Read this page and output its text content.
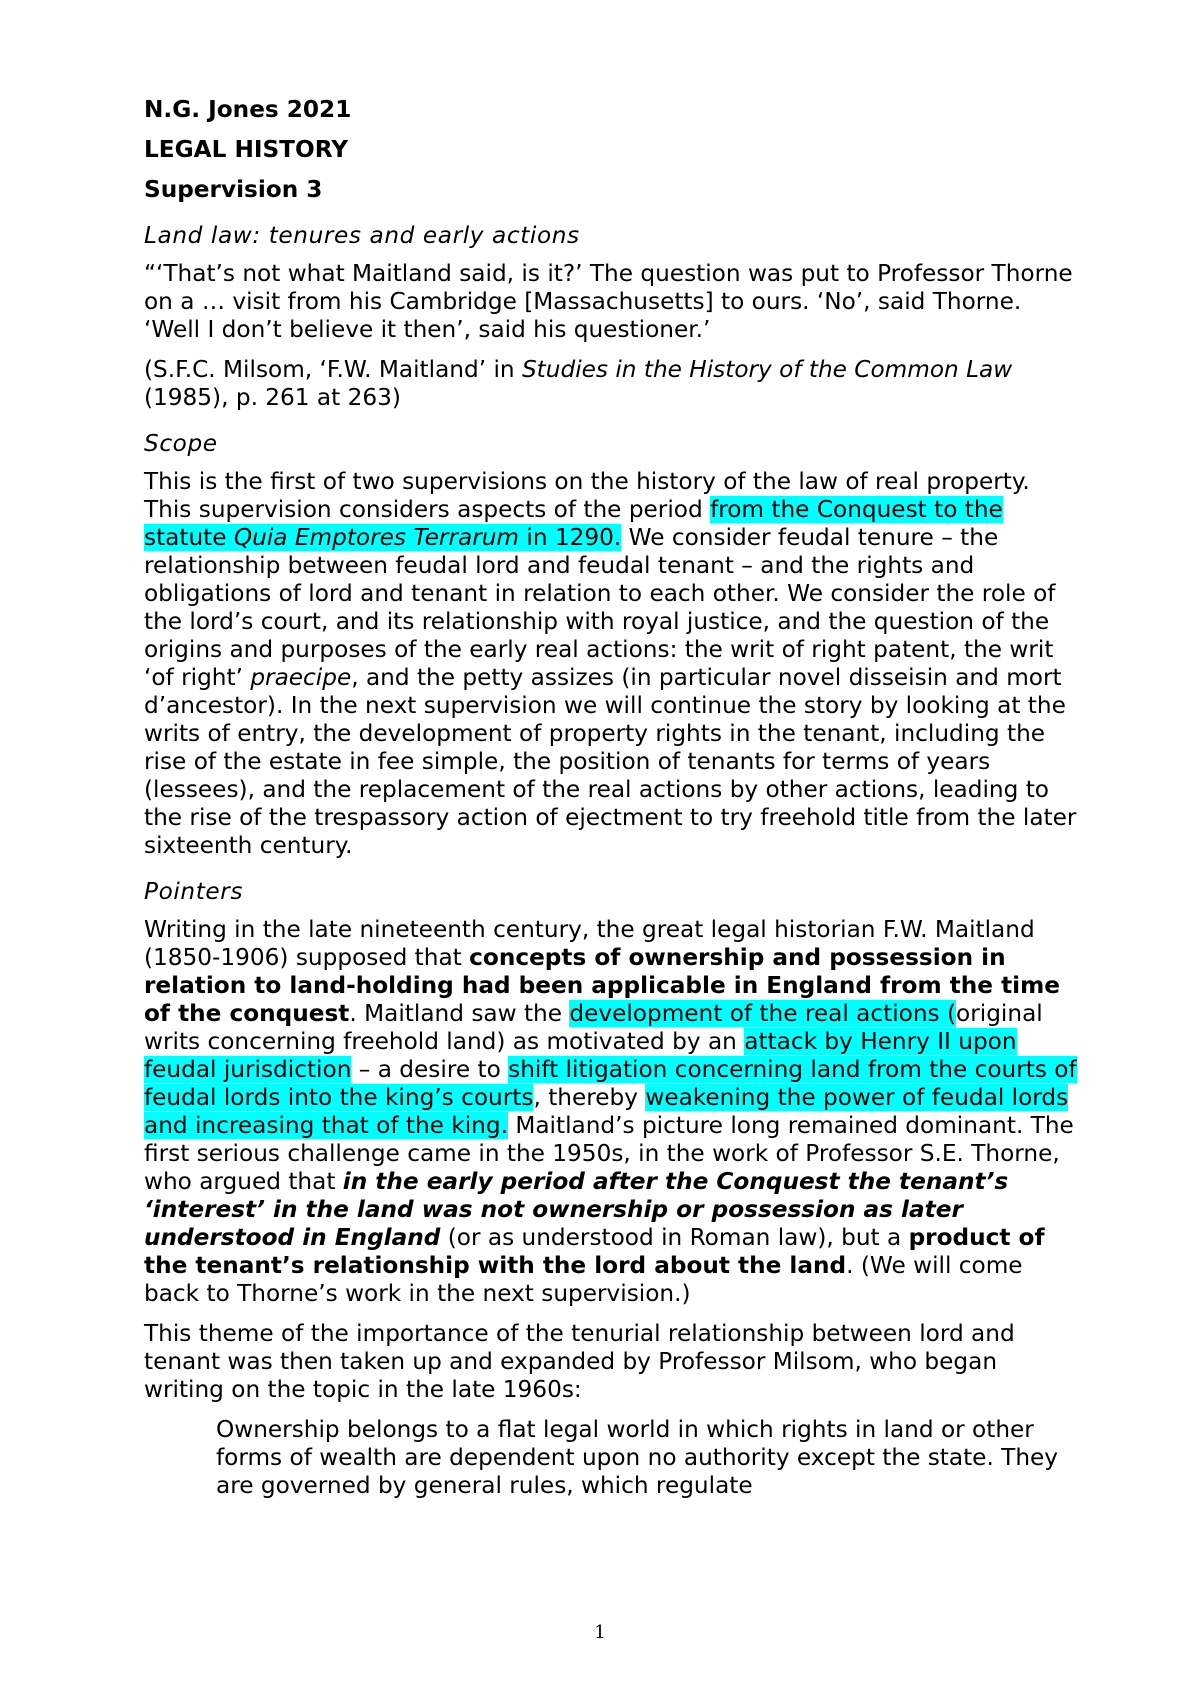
N.G. Jones 2021
LEGAL HISTORY
Supervision 3
Land law: tenures and early actions

“‘That’s not what Maitland said, is it?’ The question was put to Professor Thorne on a … visit from his Cambridge [Massachusetts] to ours. ‘No’, said Thorne. ‘Well I don’t believe it then’, said his questioner.’

(S.F.C. Milsom, ‘F.W. Maitland’ in Studies in the History of the Common Law (1985), p. 261 at 263)

Scope

This is the first of two supervisions on the history of the law of real property. This supervision considers aspects of the period from the Conquest to the statute Quia Emptores Terrarum in 1290. We consider feudal tenure – the relationship between feudal lord and feudal tenant – and the rights and obligations of lord and tenant in relation to each other. We consider the role of the lord’s court, and its relationship with royal justice, and the question of the origins and purposes of the early real actions: the writ of right patent, the writ ‘of right’ praecipe, and the petty assizes (in particular novel disseisin and mort d’ancestor). In the next supervision we will continue the story by looking at the writs of entry, the development of property rights in the tenant, including the rise of the estate in fee simple, the position of tenants for terms of years (lessees), and the replacement of the real actions by other actions, leading to the rise of the trespassory action of ejectment to try freehold title from the later sixteenth century.

Pointers

Writing in the late nineteenth century, the great legal historian F.W. Maitland (1850-1906) supposed that concepts of ownership and possession in relation to land-holding had been applicable in England from the time of the conquest. Maitland saw the development of the real actions (original writs concerning freehold land) as motivated by an attack by Henry II upon feudal jurisdiction – a desire to shift litigation concerning land from the courts of feudal lords into the king’s courts, thereby weakening the power of feudal lords and increasing that of the king. Maitland’s picture long remained dominant. The first serious challenge came in the 1950s, in the work of Professor S.E. Thorne, who argued that in the early period after the Conquest the tenant’s ‘interest’ in the land was not ownership or possession as later understood in England (or as understood in Roman law), but a product of the tenant’s relationship with the lord about the land. (We will come back to Thorne’s work in the next supervision.)

This theme of the importance of the tenurial relationship between lord and tenant was then taken up and expanded by Professor Milsom, who began writing on the topic in the late 1960s:

Ownership belongs to a flat legal world in which rights in land or other forms of wealth are dependent upon no authority except the state. They are governed by general rules, which regulate

1
